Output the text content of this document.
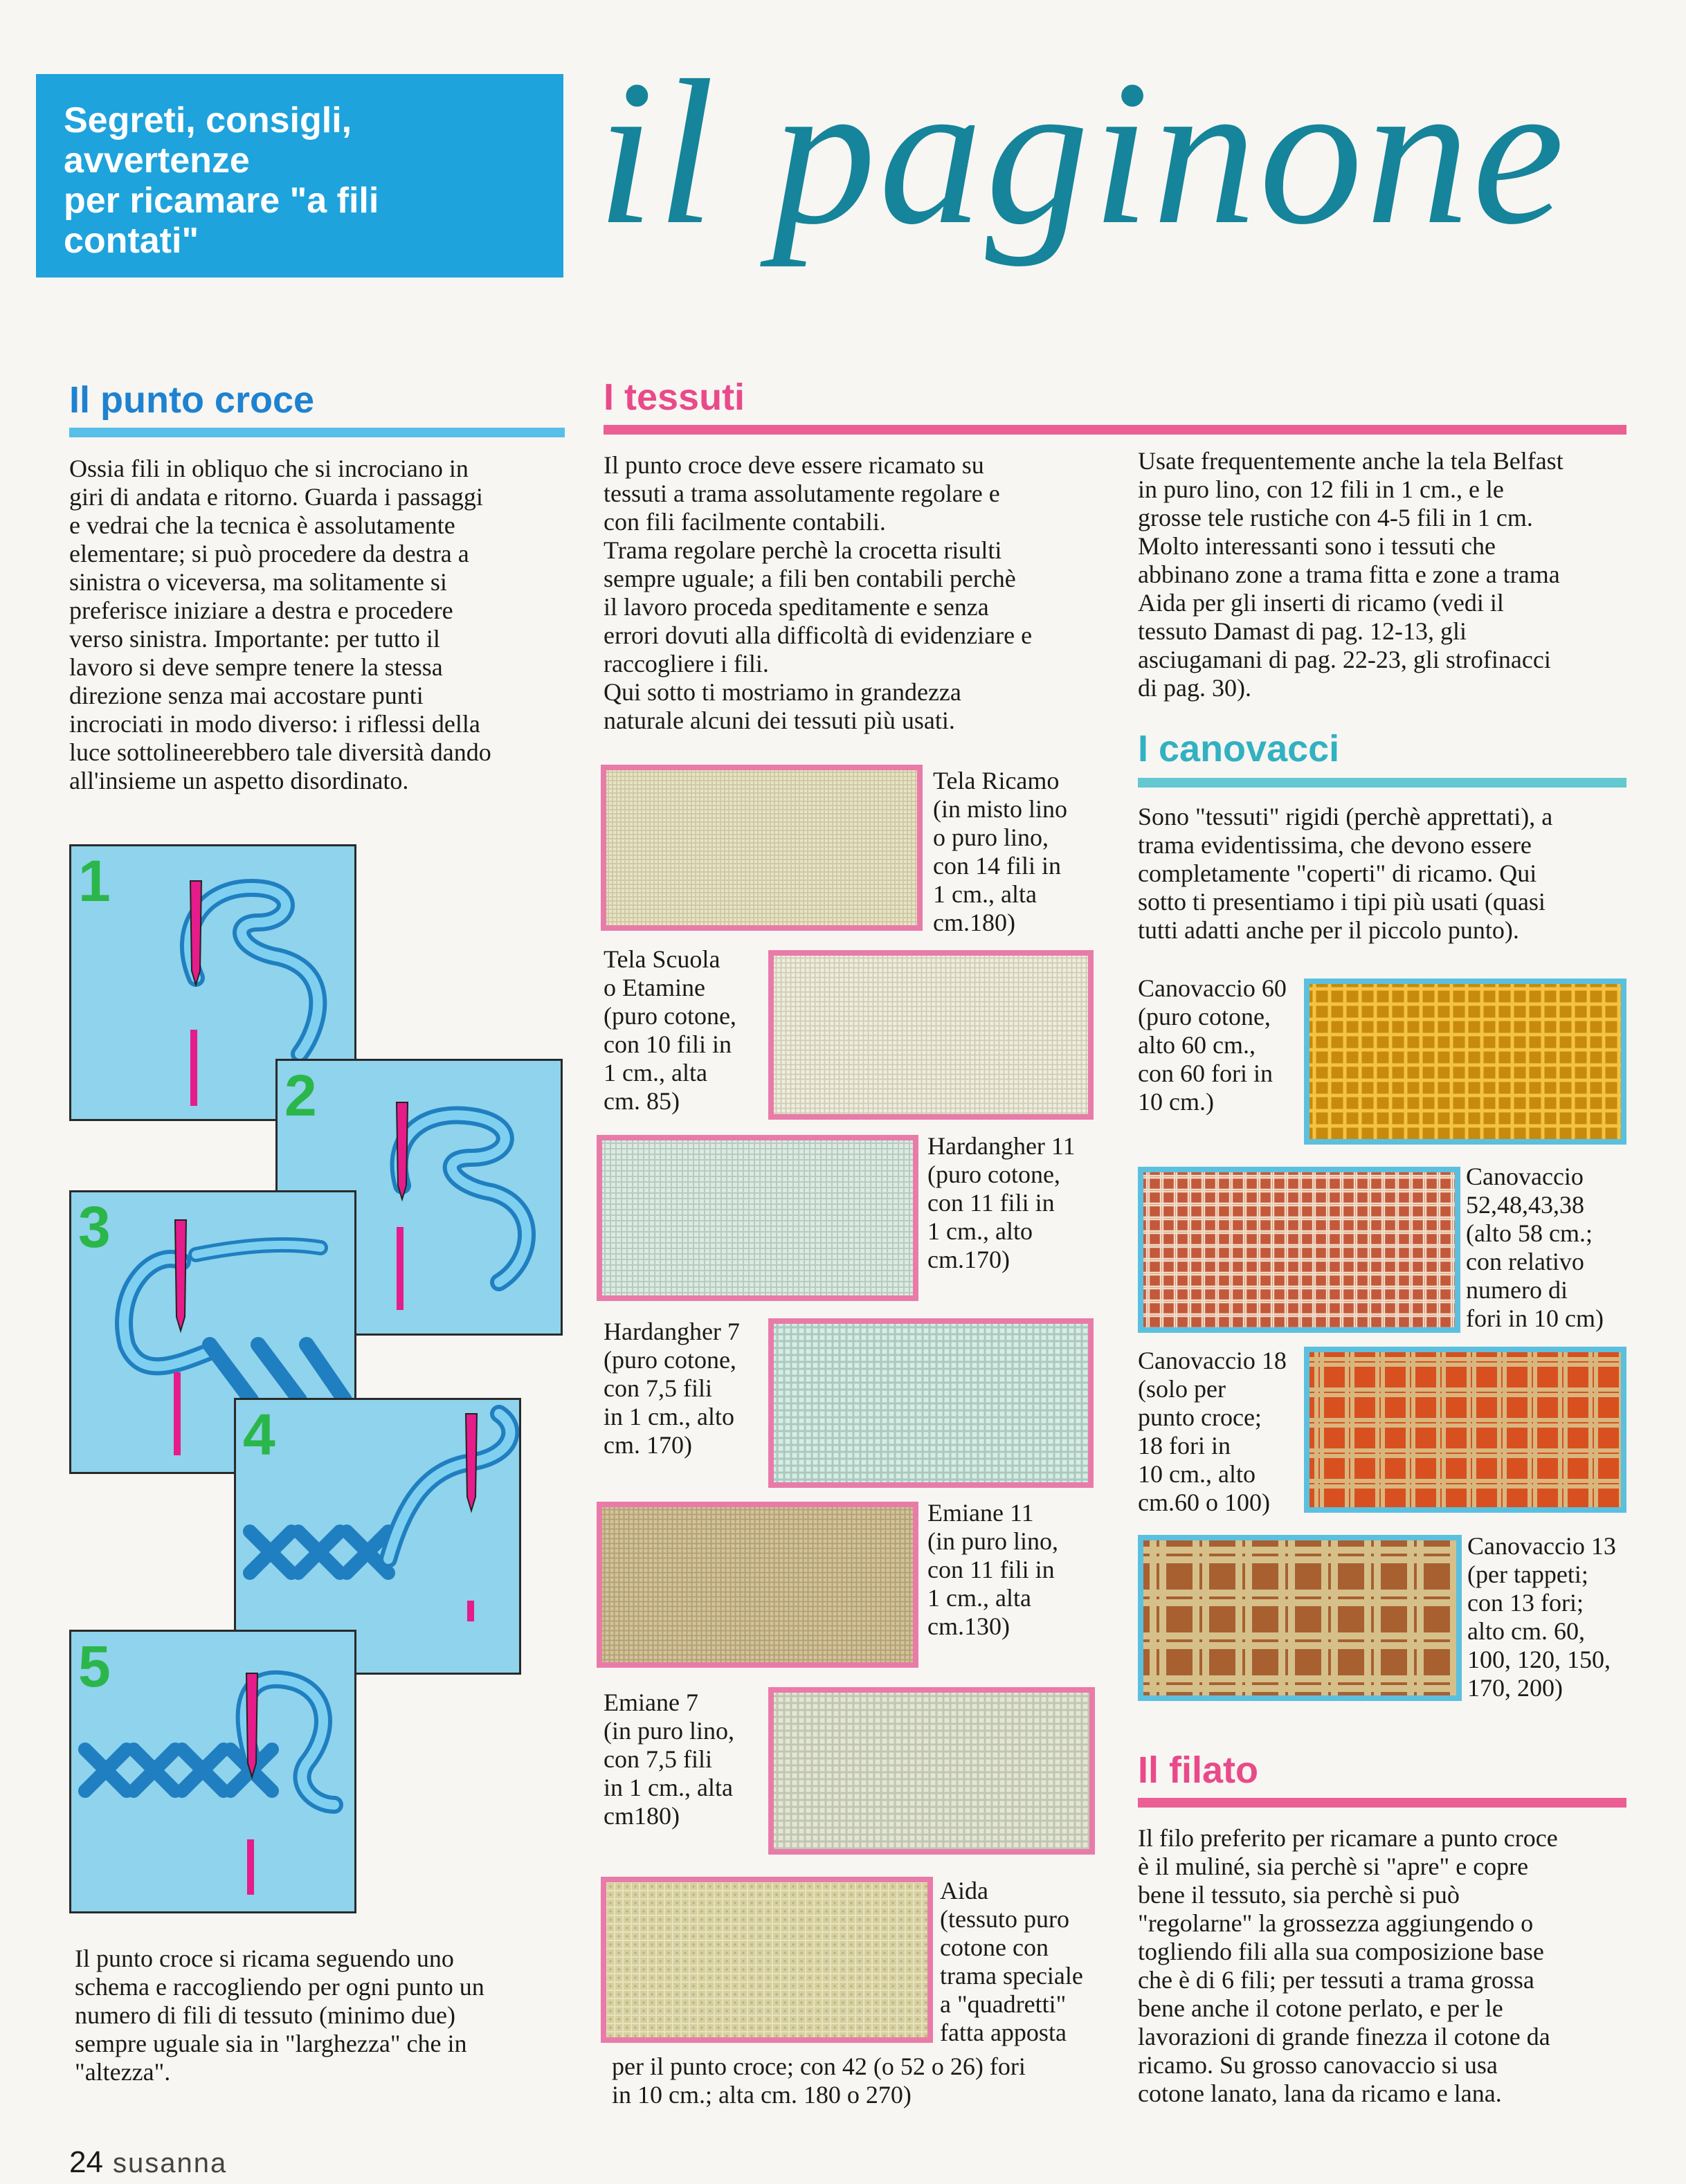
Segreti, consigli,

avvertenze

per ricamare "a fili

contati"	il paginone
Il punto croce
Ossia fili in obliquo che si incrociano in
giri di andata e ritorno. Guarda i passaggi
e vedrai che la tecnica è assolutamente
elementare; si può procedere da destra a
sinistra o viceversa, ma solitamente si
preferisce iniziare a destra e procedere
verso sinistra. Importante: per tutto il
lavoro si deve sempre tenere la stessa
direzione senza mai accostare punti
incrociati in modo diverso: i riflessi della
luce sottolineerebbero tale diversità dando
all'insieme un aspetto disordinato.
1
2
3
4
5
Il punto croce si ricama seguendo uno
schema e raccogliendo per ogni punto un
numero di fili di tessuto (minimo due)
sempre uguale sia in "larghezza" che in
"altezza".
I tessuti
Il punto croce deve essere ricamato su
tessuti a trama assolutamente regolare e
con fili facilmente contabili.
Trama regolare perchè la crocetta risulti
sempre uguale; a fili ben contabili perchè
il lavoro proceda speditamente e senza
errori dovuti alla difficoltà di evidenziare e
raccogliere i fili.
Qui sotto ti mostriamo in grandezza
naturale alcuni dei tessuti più usati.
Tela Ricamo
(in misto lino
o puro lino,
con 14 fili in
1 cm., alta
cm.180)
Tela Scuola
o Etamine
(puro cotone,
con 10 fili in
1 cm., alta
cm. 85)
Hardangher 11
(puro cotone,
con 11 fili in
1 cm., alto
cm.170)
Hardangher 7
(puro cotone,
con 7,5 fili
in 1 cm., alto
cm. 170)
Emiane 11
(in puro lino,
con 11 fili in
1 cm., alta
cm.130)
Emiane 7
(in puro lino,
con 7,5 fili
in 1 cm., alta
cm180)
Aida
(tessuto puro
cotone con
trama speciale
a "quadretti"
fatta apposta
per il punto croce; con 42 (o 52 o 26) fori
in 10 cm.; alta cm. 180 o 270)
Usate frequentemente anche la tela Belfast
in puro lino, con 12 fili in 1 cm., e le
grosse tele rustiche con 4-5 fili in 1 cm.
Molto interessanti sono i tessuti che
abbinano zone a trama fitta e zone a trama
Aida per gli inserti di ricamo (vedi il
tessuto Damast di pag. 12-13, gli
asciugamani di pag. 22-23, gli strofinacci
di pag. 30).
I canovacci
Sono "tessuti" rigidi (perchè apprettati), a
trama evidentissima, che devono essere
completamente "coperti" di ricamo. Qui
sotto ti presentiamo i tipi più usati (quasi
tutti adatti anche per il piccolo punto).
Canovaccio 60
(puro cotone,
alto 60 cm.,
con 60 fori in
10 cm.)
Canovaccio
52,48,43,38
(alto 58 cm.;
con relativo
numero di
fori in 10 cm)
Canovaccio 18
(solo per
punto croce;
18 fori in
10 cm., alto
cm.60 o 100)
Canovaccio 13
(per tappeti;
con 13 fori;
alto cm. 60,
100, 120, 150,
170, 200)
Il filato
Il filo preferito per ricamare a punto croce
è il muliné, sia perchè si "apre" e copre
bene il tessuto, sia perchè si può
"regolarne" la grossezza aggiungendo o
togliendo fili alla sua composizione base
che è di 6 fili; per tessuti a trama grossa
bene anche il cotone perlato, e per le
lavorazioni di grande finezza il cotone da
ricamo. Su grosso canovaccio si usa
cotone lanato, lana da ricamo e lana.
24 susanna
